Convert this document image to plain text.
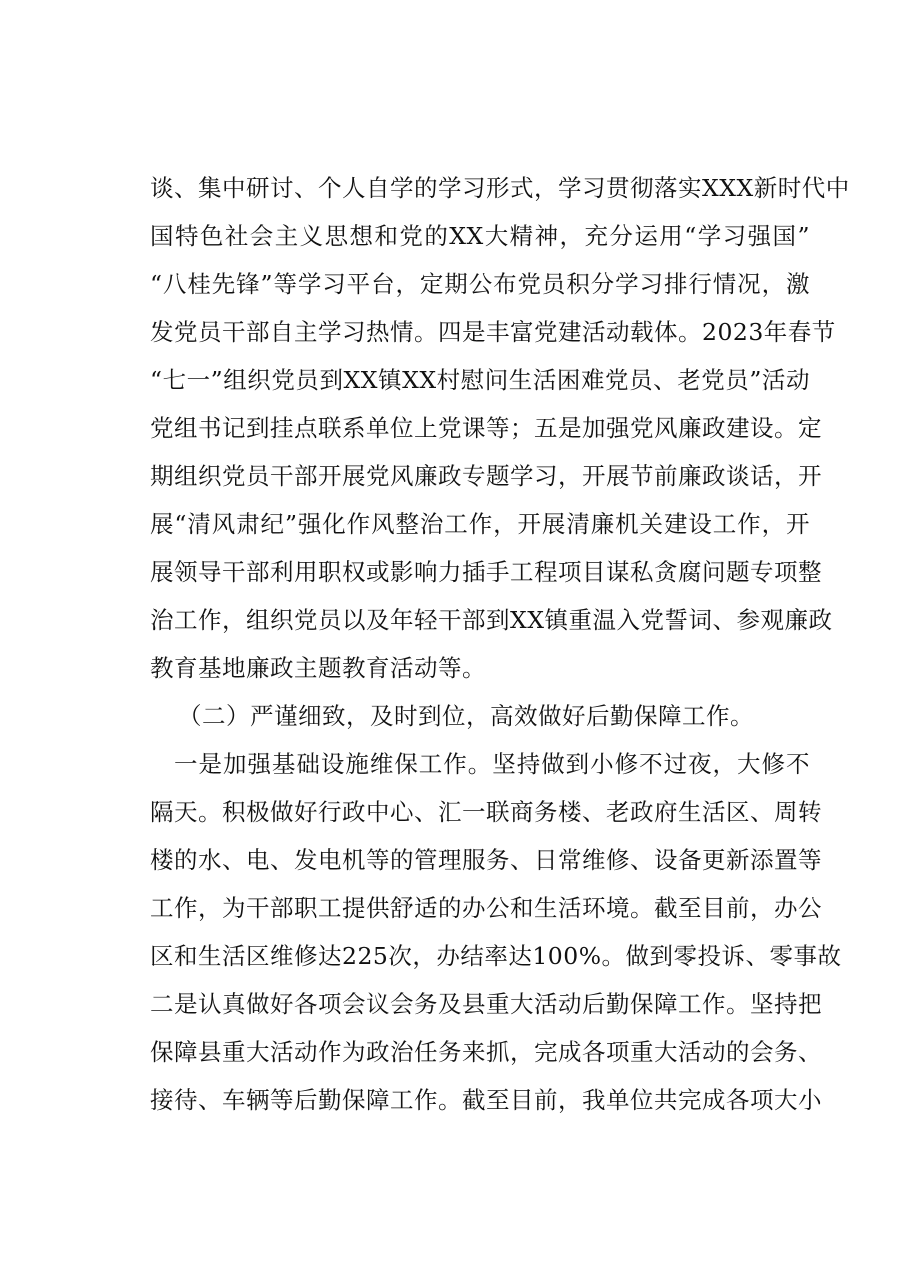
谈、集中研讨、个人自学的学习形式，学习贯彻落实XXX新时代中
国特色社会主义思想和党的XX大精神，充分运用“学习强国”
“八桂先锋”等学习平台，定期公布党员积分学习排行情况，激
发党员干部自主学习热情。四是丰富党建活动载体。2023年春节
“七一”组织党员到XX镇XX村慰问生活困难党员、老党员”活动
党组书记到挂点联系单位上党课等；五是加强党风廉政建设。定
期组织党员干部开展党风廉政专题学习，开展节前廉政谈话，开
展“清风肃纪”强化作风整治工作，开展清廉机关建设工作，开
展领导干部利用职权或影响力插手工程项目谋私贪腐问题专项整
治工作，组织党员以及年轻干部到XX镇重温入党誓词、参观廉政
教育基地廉政主题教育活动等。
（二）严谨细致，及时到位，高效做好后勤保障工作。
一是加强基础设施维保工作。坚持做到小修不过夜，大修不
隔天。积极做好行政中心、汇一联商务楼、老政府生活区、周转
楼的水、电、发电机等的管理服务、日常维修、设备更新添置等
工作，为干部职工提供舒适的办公和生活环境。截至目前，办公
区和生活区维修达225次，办结率达100%。做到零投诉、零事故
二是认真做好各项会议会务及县重大活动后勤保障工作。坚持把
保障县重大活动作为政治任务来抓，完成各项重大活动的会务、
接待、车辆等后勤保障工作。截至目前，我单位共完成各项大小
